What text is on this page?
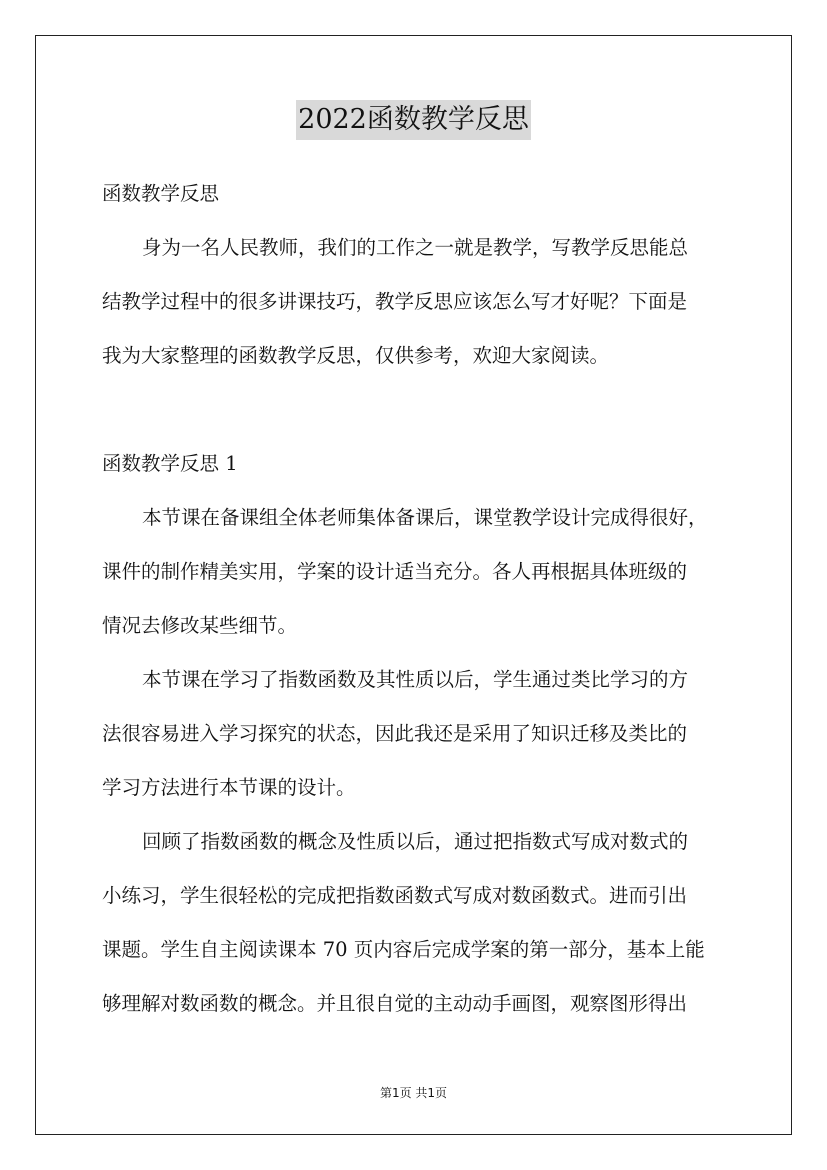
2022函数教学反思
函数教学反思
身为一名人民教师，我们的工作之一就是教学，写教学反思能总
结教学过程中的很多讲课技巧，教学反思应该怎么写才好呢？下面是
我为大家整理的函数教学反思，仅供参考，欢迎大家阅读。
函数教学反思 1
本节课在备课组全体老师集体备课后，课堂教学设计完成得很好，
课件的制作精美实用，学案的设计适当充分。各人再根据具体班级的
情况去修改某些细节。
本节课在学习了指数函数及其性质以后，学生通过类比学习的方
法很容易进入学习探究的状态，因此我还是采用了知识迁移及类比的
学习方法进行本节课的设计。
回顾了指数函数的概念及性质以后，通过把指数式写成对数式的
小练习，学生很轻松的完成把指数函数式写成对数函数式。进而引出
课题。学生自主阅读课本 70 页内容后完成学案的第一部分，基本上能
够理解对数函数的概念。并且很自觉的主动动手画图，观察图形得出
第1页 共1页
